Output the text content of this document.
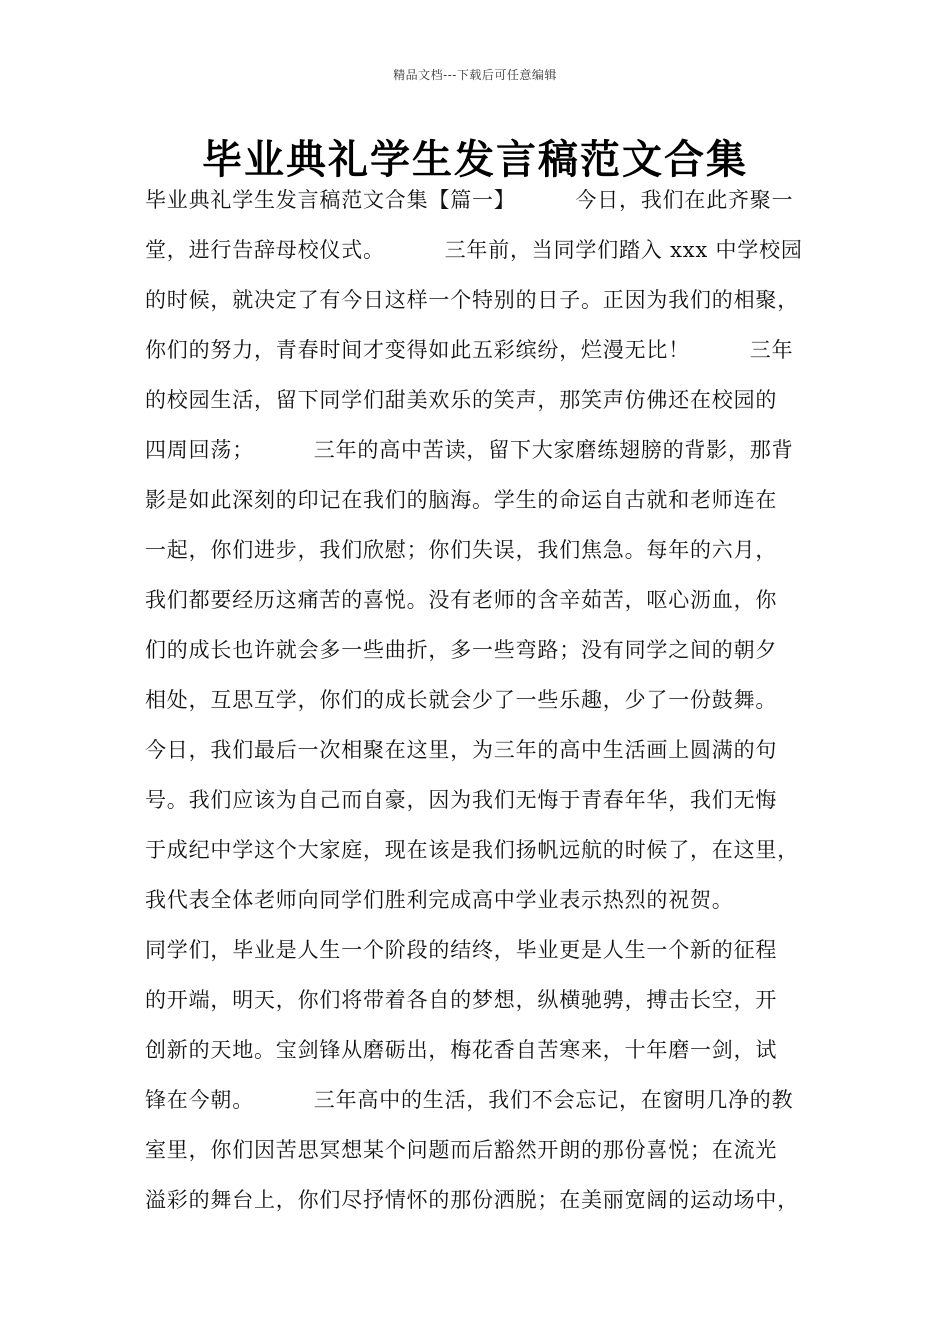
精品文档---下载后可任意编辑
毕业典礼学生发言稿范文合集
毕业典礼学生发言稿范文合集【篇一】        今日，我们在此齐聚一
堂，进行告辞母校仪式。        三年前，当同学们踏入 xxx 中学校园
的时候，就决定了有今日这样一个特别的日子。正因为我们的相聚，
你们的努力，青春时间才变得如此五彩缤纷，烂漫无比！        三年
的校园生活，留下同学们甜美欢乐的笑声，那笑声仿佛还在校园的
四周回荡；        三年的高中苦读，留下大家磨练翅膀的背影，那背
影是如此深刻的印记在我们的脑海。学生的命运自古就和老师连在
一起，你们进步，我们欣慰；你们失误，我们焦急。每年的六月，
我们都要经历这痛苦的喜悦。没有老师的含辛茹苦，呕心沥血，你
们的成长也许就会多一些曲折，多一些弯路；没有同学之间的朝夕
相处，互思互学，你们的成长就会少了一些乐趣，少了一份鼓舞。
今日，我们最后一次相聚在这里，为三年的高中生活画上圆满的句
号。我们应该为自己而自豪，因为我们无悔于青春年华，我们无悔
于成纪中学这个大家庭，现在该是我们扬帆远航的时候了，在这里，
我代表全体老师向同学们胜利完成高中学业表示热烈的祝贺。
同学们，毕业是人生一个阶段的结终，毕业更是人生一个新的征程
的开端，明天，你们将带着各自的梦想，纵横驰骋，搏击长空，开
创新的天地。宝剑锋从磨砺出，梅花香自苦寒来，十年磨一剑，试
锋在今朝。        三年高中的生活，我们不会忘记，在窗明几净的教
室里，你们因苦思冥想某个问题而后豁然开朗的那份喜悦；在流光
溢彩的舞台上，你们尽抒情怀的那份洒脱；在美丽宽阔的运动场中，
